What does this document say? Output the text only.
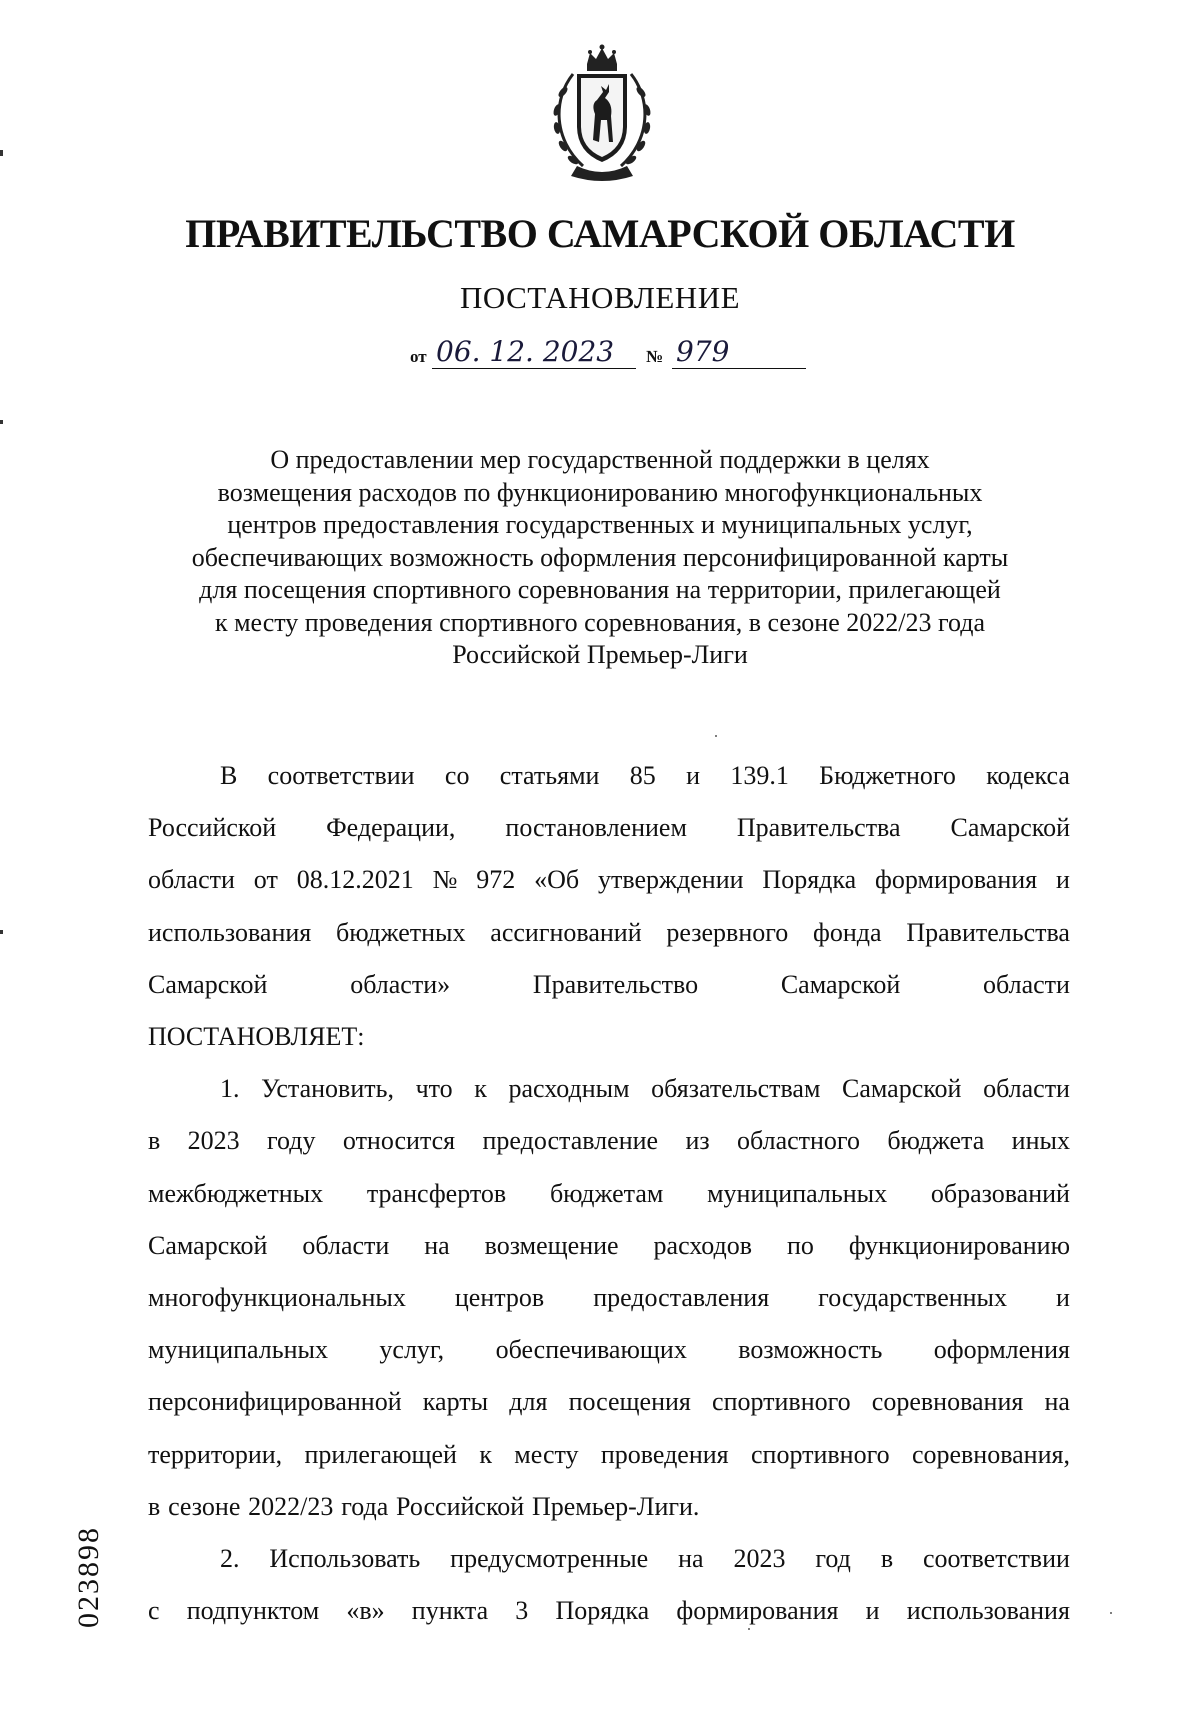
ПРАВИТЕЛЬСТВО САМАРСКОЙ ОБЛАСТИ
ПОСТАНОВЛЕНИЕ
от 06. 12. 2023	№ 979
О предоставлении мер государственной поддержки в целях
возмещения расходов по функционированию многофункциональных
центров предоставления государственных и муниципальных услуг,
обеспечивающих возможность оформления персонифицированной карты
для посещения спортивного соревнования на территории, прилегающей
к месту проведения спортивного соревнования, в сезоне 2022/23 года
Российской Премьер-Лиги
В соответствии со статьями 85 и 139.1 Бюджетного кодекса
Российской Федерации, постановлением Правительства Самарской
области от 08.12.2021 № 972 «Об утверждении Порядка формирования и
использования бюджетных ассигнований резервного фонда Правительства
Самарской	области»	Правительство	Самарской	области
ПОСТАНОВЛЯЕТ:
1. Установить, что к расходным обязательствам Самарской области
в 2023 году относится предоставление из областного бюджета иных
межбюджетных трансфертов бюджетам муниципальных образований
Самарской области на возмещение расходов по функционированию
многофункциональных центров предоставления государственных и
муниципальных услуг, обеспечивающих возможность оформления
персонифицированной карты для посещения спортивного соревнования на
территории, прилегающей к месту проведения спортивного соревнования,
в сезоне 2022/23 года Российской Премьер-Лиги.
2. Использовать предусмотренные на 2023 год в соответствии
с подпунктом «в» пункта 3 Порядка формирования и использования
023898
